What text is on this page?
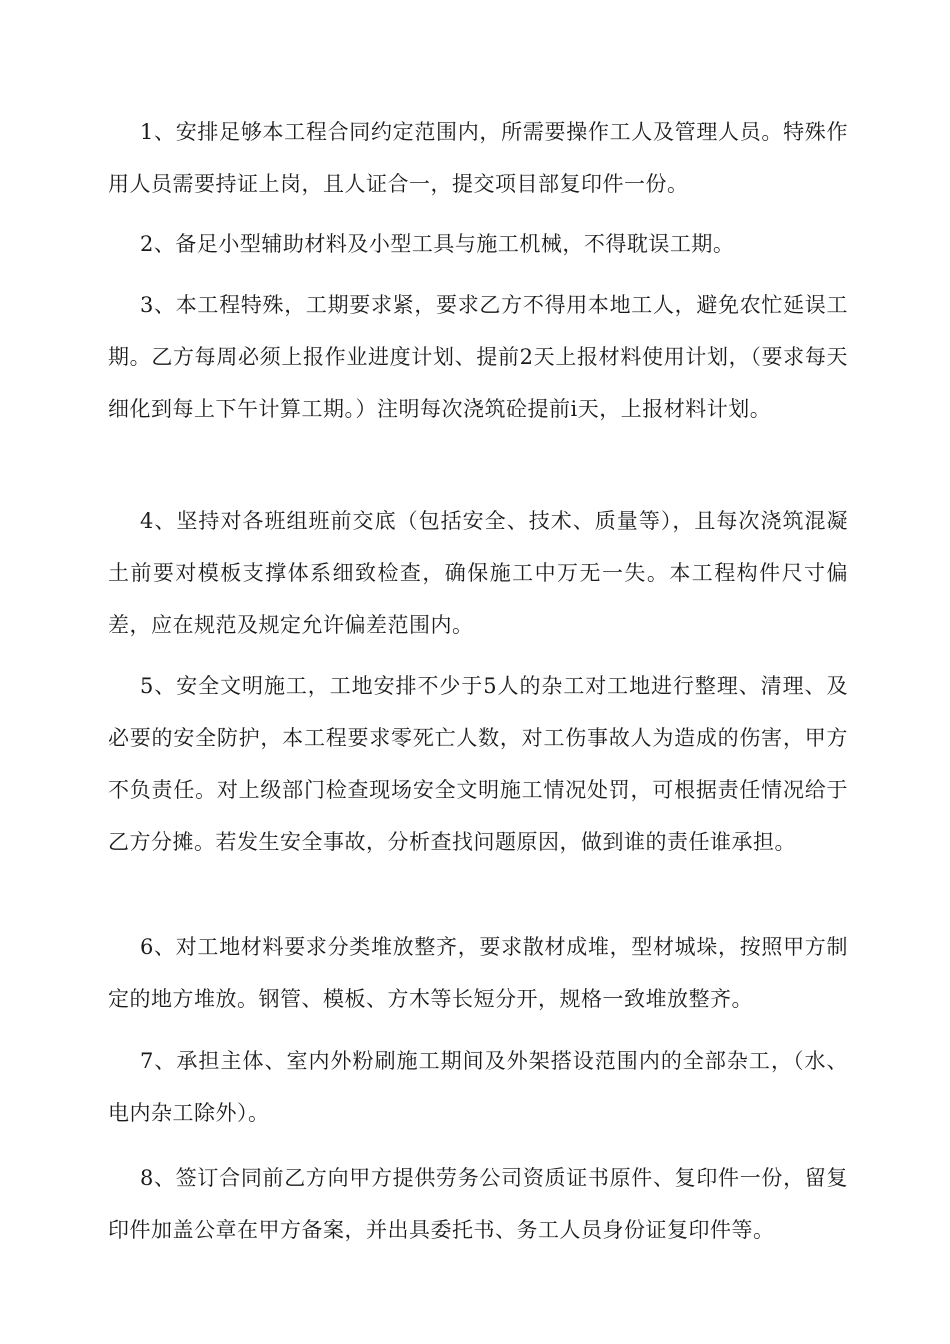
1、安排足够本工程合同约定范围内，所需要操作工人及管理人员。特殊作用人员需要持证上岗，且人证合一，提交项目部复印件一份。

2、备足小型辅助材料及小型工具与施工机械，不得耽误工期。

3、本工程特殊，工期要求紧，要求乙方不得用本地工人，避免农忙延误工期。乙方每周必须上报作业进度计划、提前2天上报材料使用计划，（要求每天细化到每上下午计算工期。）注明每次浇筑砼提前i天，上报材料计划。

4、坚持对各班组班前交底（包括安全、技术、质量等），且每次浇筑混凝土前要对模板支撑体系细致检查，确保施工中万无一失。本工程构件尺寸偏差，应在规范及规定允许偏差范围内。

5、安全文明施工，工地安排不少于5人的杂工对工地进行整理、清理、及必要的安全防护，本工程要求零死亡人数，对工伤事故人为造成的伤害，甲方不负责任。对上级部门检查现场安全文明施工情况处罚，可根据责任情况给于乙方分摊。若发生安全事故，分析查找问题原因，做到谁的责任谁承担。

6、对工地材料要求分类堆放整齐，要求散材成堆，型材城垛，按照甲方制定的地方堆放。钢管、模板、方木等长短分开，规格一致堆放整齐。

7、承担主体、室内外粉刷施工期间及外架搭设范围内的全部杂工，（水、电内杂工除外）。

8、签订合同前乙方向甲方提供劳务公司资质证书原件、复印件一份，留复印件加盖公章在甲方备案，并出具委托书、务工人员身份证复印件等。
